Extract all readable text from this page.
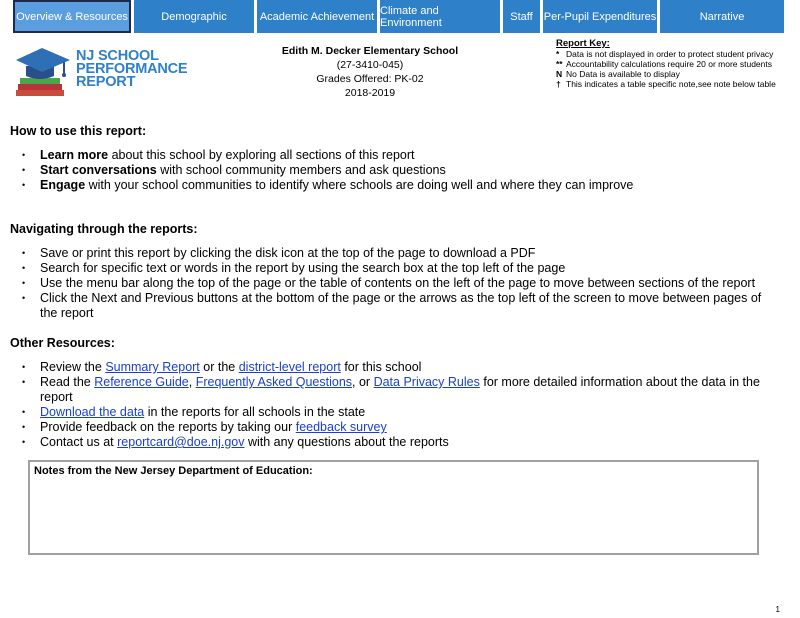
Overview & Resources	Demographic	Academic Achievement Climate and Environment	Staff	Per-Pupil Expenditures	Narrative
NJ SCHOOL
PERFORMANCE
REPORT
Edith M. Decker Elementary School
(27-3410-045)
Grades Offered: PK-02
2018-2019
Report Key:
* Data is not displayed in order to protect student privacy
** Accountability calculations require 20 or more students
N No Data is available to display
† This indicates a table specific note,see note below table
How to use this report:
• Learn more about this school by exploring all sections of this report
• Start conversations with school community members and ask questions
• Engage with your school communities to identify where schools are doing well and where they can improve
Navigating through the reports:
• Save or print this report by clicking the disk icon at the top of the page to download a PDF
• Search for specific text or words in the report by using the search box at the top left of the page
• Use the menu bar along the top of the page or the table of contents on the left of the page to move between sections of the report
• Click the Next and Previous buttons at the bottom of the page or the arrows as the top left of the screen to move between pages of the report
Other Resources:
• Review the Summary Report or the district-level report for this school
• Read the Reference Guide, Frequently Asked Questions, or Data Privacy Rules for more detailed information about the data in the report
• Download the data in the reports for all schools in the state
• Provide feedback on the reports by taking our feedback survey
• Contact us at reportcard@doe.nj.gov with any questions about the reports
Notes from the New Jersey Department of Education:
1
